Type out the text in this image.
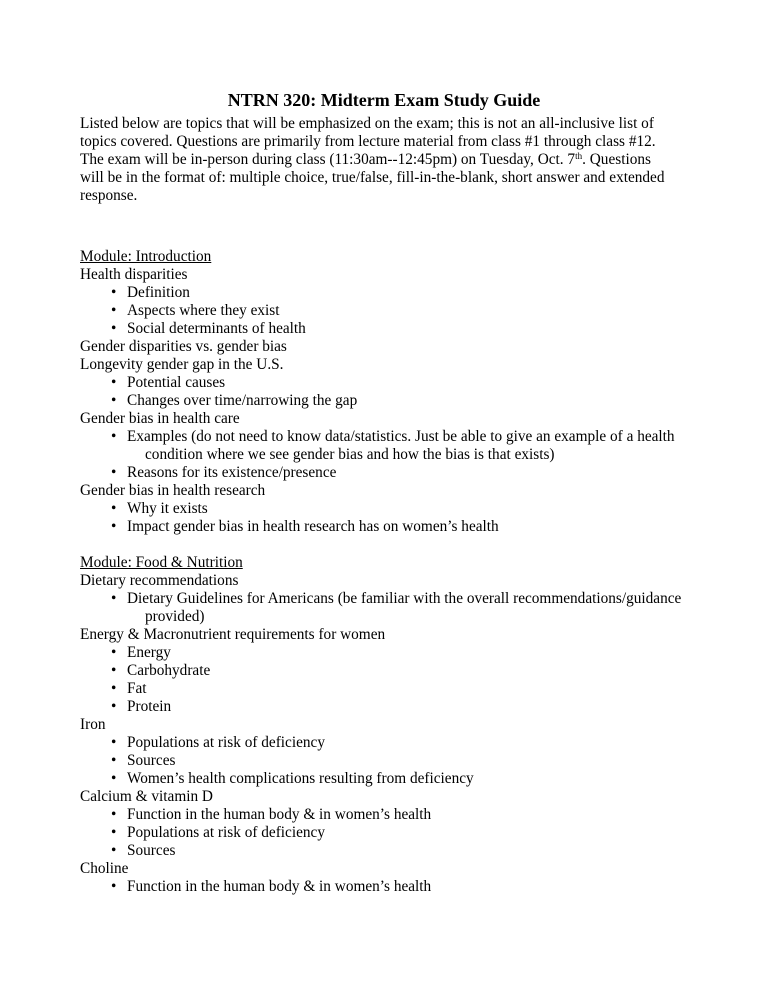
NTRN 320: Midterm Exam Study Guide
Listed below are topics that will be emphasized on the exam; this is not an all-inclusive list of
topics covered. Questions are primarily from lecture material from class #1 through class #12.
The exam will be in-person during class (11:30am--12:45pm) on Tuesday, Oct. 7th. Questions
will be in the format of: multiple choice, true/false, fill-in-the-blank, short answer and extended
response.
Module: Introduction
Health disparities
• Definition
• Aspects where they exist
• Social determinants of health
Gender disparities vs. gender bias
Longevity gender gap in the U.S.
• Potential causes
• Changes over time/narrowing the gap
Gender bias in health care
• Examples (do not need to know data/statistics. Just be able to give an example of a health
condition where we see gender bias and how the bias is that exists)
• Reasons for its existence/presence
Gender bias in health research
• Why it exists
• Impact gender bias in health research has on women’s health
Module: Food & Nutrition
Dietary recommendations
• Dietary Guidelines for Americans (be familiar with the overall recommendations/guidance
provided)
Energy & Macronutrient requirements for women
• Energy
• Carbohydrate
• Fat
• Protein
Iron
• Populations at risk of deficiency
• Sources
• Women’s health complications resulting from deficiency
Calcium & vitamin D
• Function in the human body & in women’s health
• Populations at risk of deficiency
• Sources
Choline
• Function in the human body & in women’s health
